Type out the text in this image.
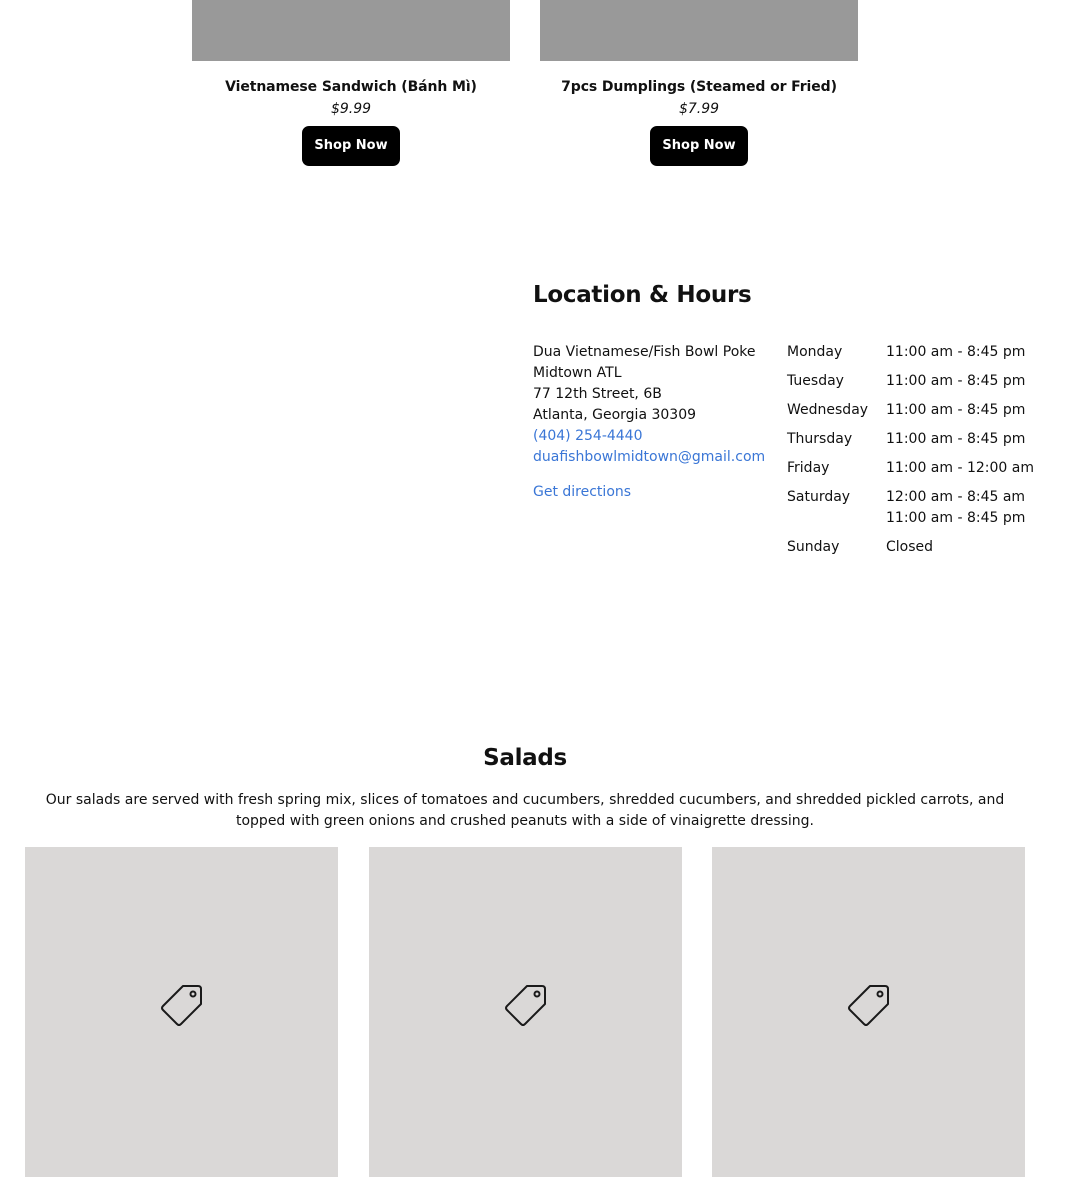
Vietnamese Sandwich (Bánh Mì)
$9.99
Shop Now
7pcs Dumplings (Steamed or Fried)
$7.99
Shop Now
Location & Hours
Dua Vietnamese/Fish Bowl Poke
Midtown ATL
77 12th Street, 6B
Atlanta, Georgia 30309
(404) 254-4440
duafishbowlmidtown@gmail.com
Get directions
Monday	11:00 am - 8:45 pm
Tuesday	11:00 am - 8:45 pm
Wednesday	11:00 am - 8:45 pm
Thursday	11:00 am - 8:45 pm
Friday	11:00 am - 12:00 am
Saturday	12:00 am - 8:45 am
11:00 am - 8:45 pm
Sunday	Closed
Salads

Our salads are served with fresh spring mix, slices of tomatoes and cucumbers, shredded cucumbers, and shredded pickled carrots, and topped with green onions and crushed peanuts with a side of vinaigrette dressing.
